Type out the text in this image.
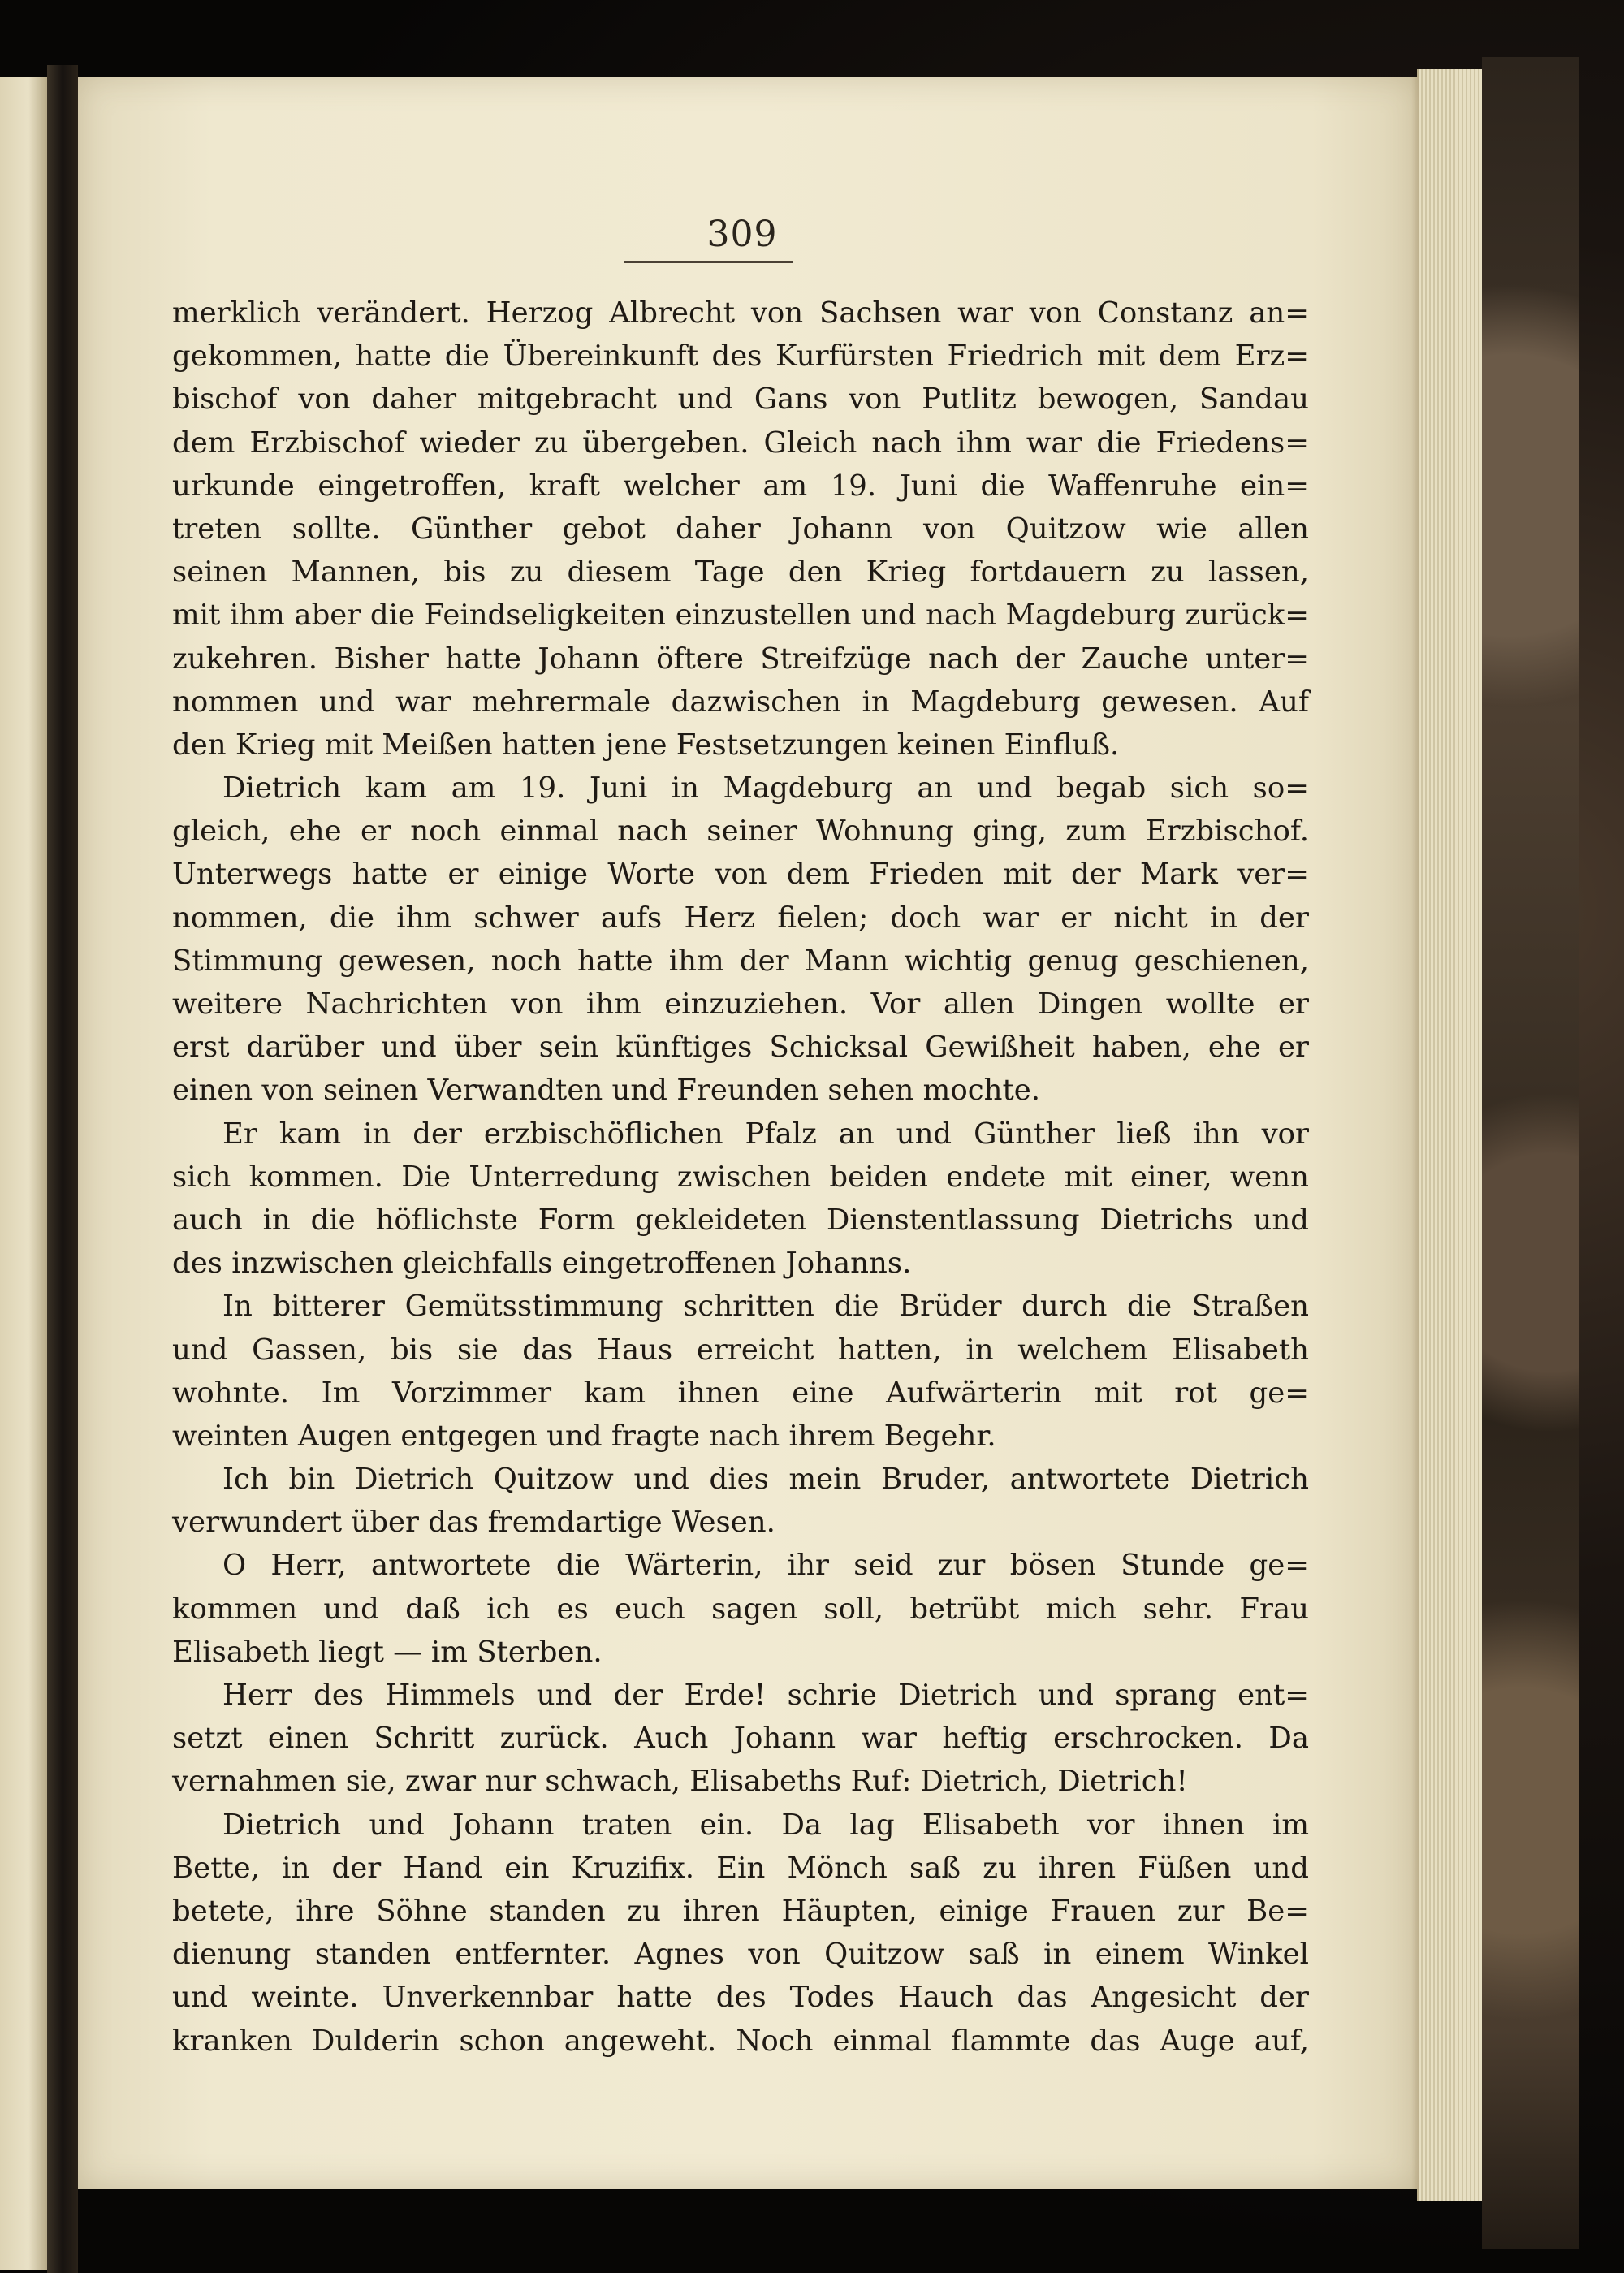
309
merklich verändert. Herzog Albrecht von Sachsen war von Constanz an=
gekommen, hatte die Übereinkunft des Kurfürsten Friedrich mit dem Erz=
bischof von daher mitgebracht und Gans von Putlitz bewogen, Sandau
dem Erzbischof wieder zu übergeben. Gleich nach ihm war die Friedens=
urkunde eingetroffen, kraft welcher am 19. Juni die Waffenruhe ein=
treten sollte. Günther gebot daher Johann von Quitzow wie allen
seinen Mannen, bis zu diesem Tage den Krieg fortdauern zu lassen,
mit ihm aber die Feindseligkeiten einzustellen und nach Magdeburg zurück=
zukehren. Bisher hatte Johann öftere Streifzüge nach der Zauche unter=
nommen und war mehrermale dazwischen in Magdeburg gewesen. Auf
den Krieg mit Meißen hatten jene Festsetzungen keinen Einfluß.
Dietrich kam am 19. Juni in Magdeburg an und begab sich so=
gleich, ehe er noch einmal nach seiner Wohnung ging, zum Erzbischof.
Unterwegs hatte er einige Worte von dem Frieden mit der Mark ver=
nommen, die ihm schwer aufs Herz fielen; doch war er nicht in der
Stimmung gewesen, noch hatte ihm der Mann wichtig genug geschienen,
weitere Nachrichten von ihm einzuziehen. Vor allen Dingen wollte er
erst darüber und über sein künftiges Schicksal Gewißheit haben, ehe er
einen von seinen Verwandten und Freunden sehen mochte.
Er kam in der erzbischöflichen Pfalz an und Günther ließ ihn vor
sich kommen. Die Unterredung zwischen beiden endete mit einer, wenn
auch in die höflichste Form gekleideten Dienstentlassung Dietrichs und
des inzwischen gleichfalls eingetroffenen Johanns.
In bitterer Gemütsstimmung schritten die Brüder durch die Straßen
und Gassen, bis sie das Haus erreicht hatten, in welchem Elisabeth
wohnte. Im Vorzimmer kam ihnen eine Aufwärterin mit rot ge=
weinten Augen entgegen und fragte nach ihrem Begehr.
Ich bin Dietrich Quitzow und dies mein Bruder, antwortete Dietrich
verwundert über das fremdartige Wesen.
O Herr, antwortete die Wärterin, ihr seid zur bösen Stunde ge=
kommen und daß ich es euch sagen soll, betrübt mich sehr. Frau
Elisabeth liegt — im Sterben.
Herr des Himmels und der Erde! schrie Dietrich und sprang ent=
setzt einen Schritt zurück. Auch Johann war heftig erschrocken. Da
vernahmen sie, zwar nur schwach, Elisabeths Ruf: Dietrich, Dietrich!
Dietrich und Johann traten ein. Da lag Elisabeth vor ihnen im
Bette, in der Hand ein Kruzifix. Ein Mönch saß zu ihren Füßen und
betete, ihre Söhne standen zu ihren Häupten, einige Frauen zur Be=
dienung standen entfernter. Agnes von Quitzow saß in einem Winkel
und weinte. Unverkennbar hatte des Todes Hauch das Angesicht der
kranken Dulderin schon angeweht. Noch einmal flammte das Auge auf,
